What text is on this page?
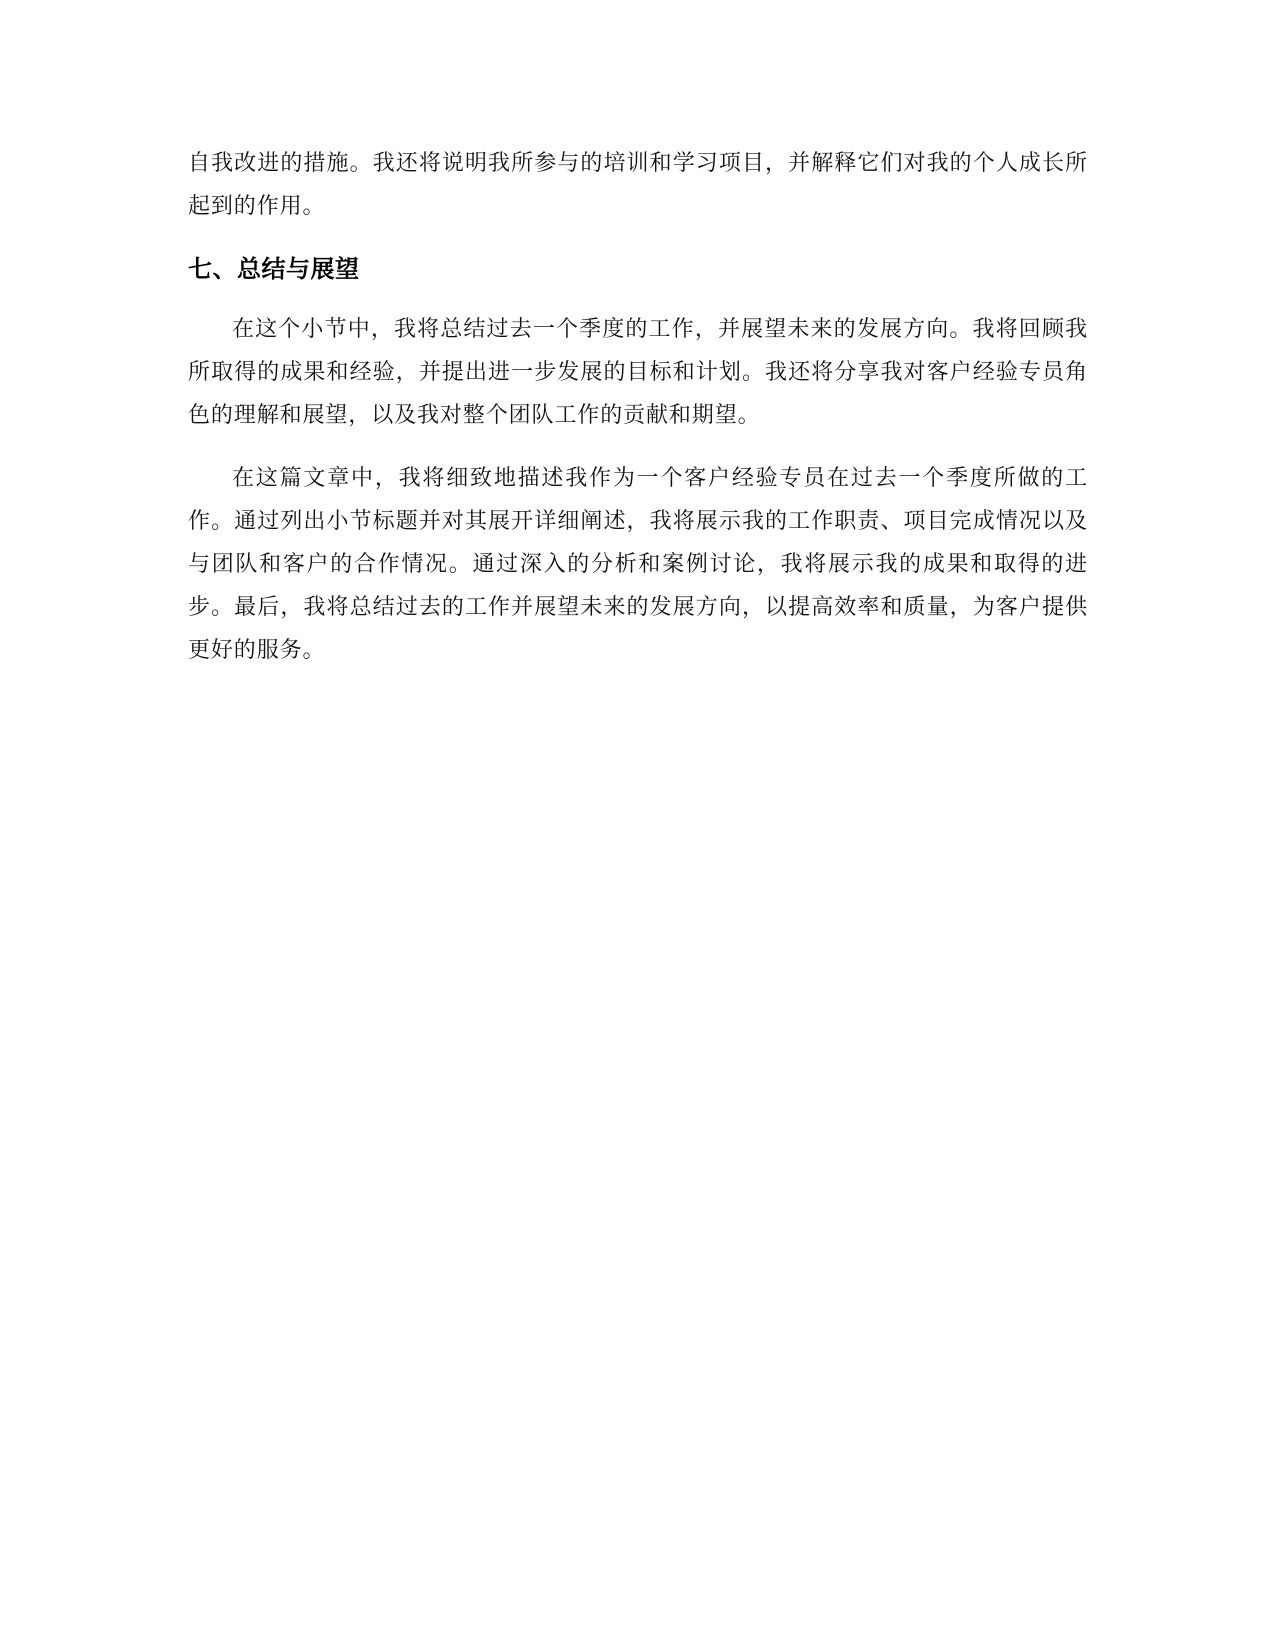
自我改进的措施。我还将说明我所参与的培训和学习项目，并解释它们对我的个人成长所起到的作用。

七、总结与展望

在这个小节中，我将总结过去一个季度的工作，并展望未来的发展方向。我将回顾我所取得的成果和经验，并提出进一步发展的目标和计划。我还将分享我对客户经验专员角色的理解和展望，以及我对整个团队工作的贡献和期望。

在这篇文章中，我将细致地描述我作为一个客户经验专员在过去一个季度所做的工作。通过列出小节标题并对其展开详细阐述，我将展示我的工作职责、项目完成情况以及与团队和客户的合作情况。通过深入的分析和案例讨论，我将展示我的成果和取得的进步。最后，我将总结过去的工作并展望未来的发展方向，以提高效率和质量，为客户提供更好的服务。
